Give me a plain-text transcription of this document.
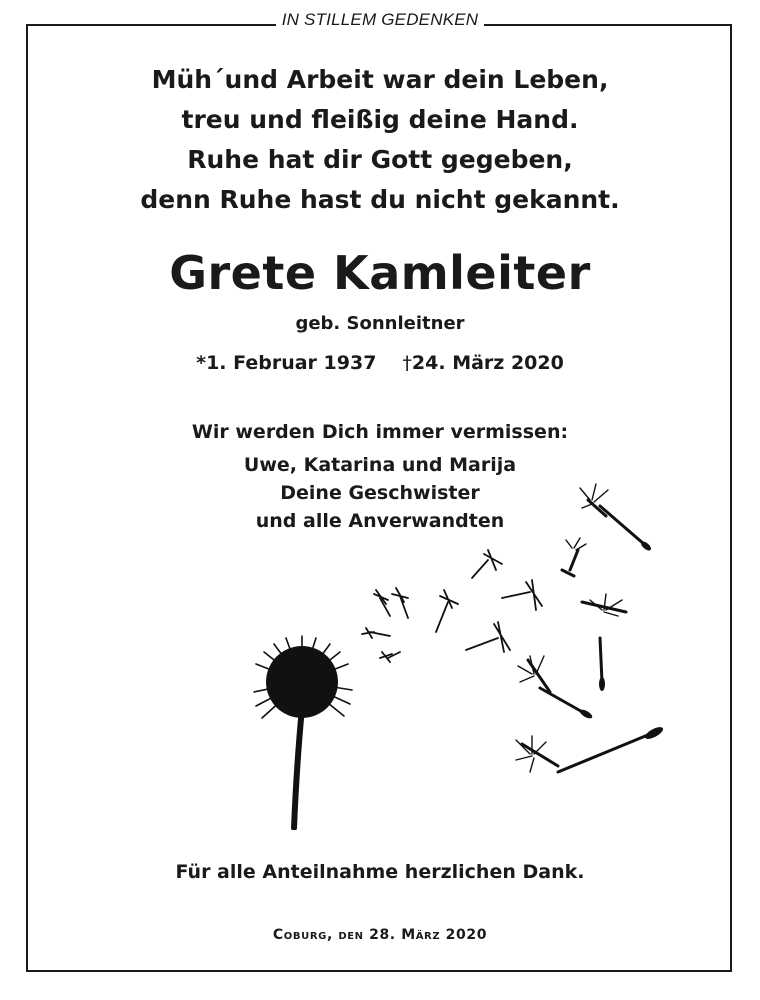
IN STILLEM GEDENKEN
Müh´und Arbeit war dein Leben,
treu und fleißig deine Hand.
Ruhe hat dir Gott gegeben,
denn Ruhe hast du nicht gekannt.
Grete Kamleiter
geb. Sonnleitner
*1. Februar 1937 †24. März 2020
Wir werden Dich immer vermissen:
Uwe, Katarina und Marija
Deine Geschwister
und alle Anverwandten
Für alle Anteilnahme herzlichen Dank.
Coburg, den 28. März 2020
